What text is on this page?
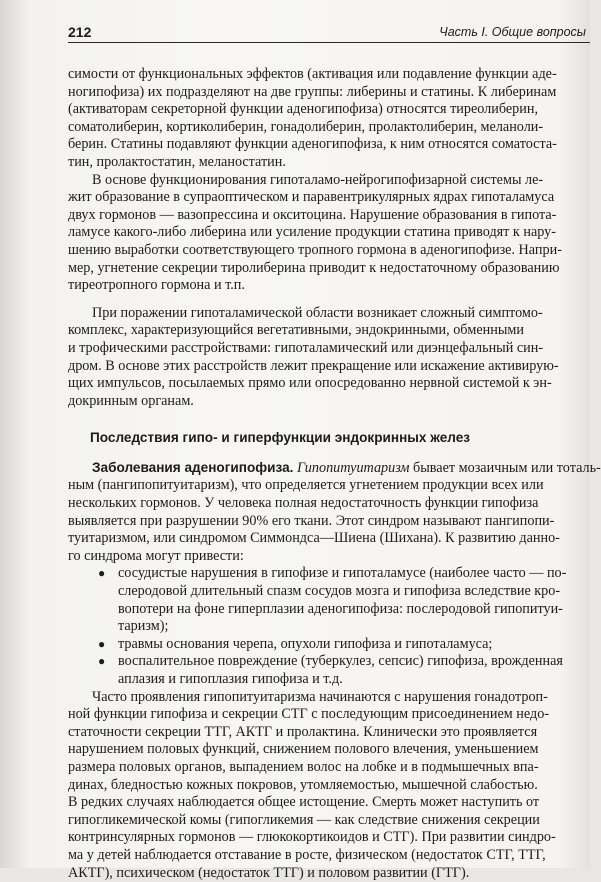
212	Часть I. Общие вопросы

симости от функциональных эффектов (активация или подавление функции аде-
ногипофиза) их подразделяют на две группы: либерины и статины. К либеринам
(активаторам секреторной функции аденогипофиза) относятся тиреолиберин,
соматолиберин, кортиколиберин, гонадолиберин, пролактолиберин, меланоли-
берин. Статины подавляют функции аденогипофиза, к ним относятся соматоста-
тин, пролактостатин, меланостатин.

В основе функционирования гипоталамо-нейрогипофизарной системы ле-
жит образование в супраоптическом и паравентрикулярных ядрах гипоталамуса
двух гормонов — вазопрессина и окситоцина. Нарушение образования в гипота-
ламусе какого-либо либерина или усиление продукции статина приводят к нару-
шению выработки соответствующего тропного гормона в аденогипофизе. Напри-
мер, угнетение секреции тиролиберина приводит к недостаточному образованию
тиреотропного гормона и т.п.

При поражении гипоталамической области возникает сложный симптомо-
комплекс, характеризующийся вегетативными, эндокринными, обменными
и трофическими расстройствами: гипоталамический или диэнцефальный син-
дром. В основе этих расстройств лежит прекращение или искажение активирую-
щих импульсов, посылаемых прямо или опосредованно нервной системой к эн-
докринным органам.

Последствия гипо- и гиперфункции эндокринных желез

Заболевания аденогипофиза. Гипопитуитаризм бывает мозаичным или тоталь-
ным (пангипопитуитаризм), что определяется угнетением продукции всех или
нескольких гормонов. У человека полная недостаточность функции гипофиза
выявляется при разрушении 90% его ткани. Этот синдром называют пангипопи-
туитаризмом, или синдромом Симмондса—Шиена (Шихана). К развитию данно-
го синдрома могут привести:

● сосудистые нарушения в гипофизе и гипоталамусе (наиболее часто — по-
слеродовой длительный спазм сосудов мозга и гипофиза вследствие кро-
вопотери на фоне гиперплазии аденогипофиза: послеродовой гипопитуи-
таризм);
● травмы основания черепа, опухоли гипофиза и гипоталамуса;
● воспалительное повреждение (туберкулез, сепсис) гипофиза, врожденная
аплазия и гипоплазия гипофиза и т.д.

Часто проявления гипопитуитаризма начинаются с нарушения гонадотроп-
ной функции гипофиза и секреции СТГ с последующим присоединением недо-
статочности секреции ТТГ, АКТГ и пролактина. Клинически это проявляется
нарушением половых функций, снижением полового влечения, уменьшением
размера половых органов, выпадением волос на лобке и в подмышечных впа-
динах, бледностью кожных покровов, утомляемостью, мышечной слабостью.
В редких случаях наблюдается общее истощение. Смерть может наступить от
гипогликемической комы (гипогликемия — как следствие снижения секреции
контринсулярных гормонов — глюкокортикоидов и СТГ). При развитии синдро-
ма у детей наблюдается отставание в росте, физическом (недостаток СТГ, ТТГ,
АКТГ), психическом (недостаток ТТГ) и половом развитии (ГТГ).
